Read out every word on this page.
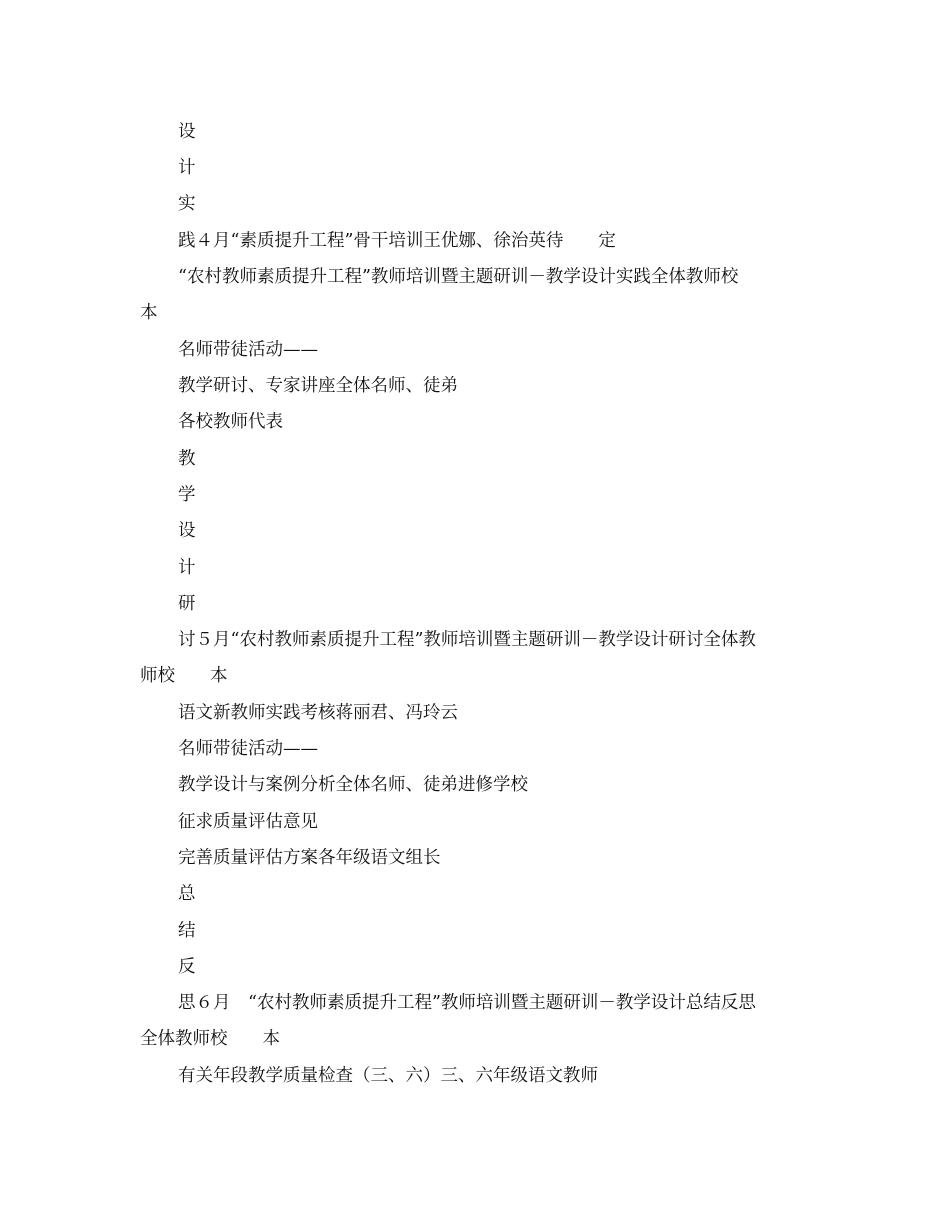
设

计

实

践４月“素质提升工程”骨干培训王优娜、徐治英待　　定

“农村教师素质提升工程”教师培训暨主题研训－教学设计实践全体教师校

本

名师带徒活动——

教学研讨、专家讲座全体名师、徒弟

各校教师代表

教

学

设

计

研

讨５月“农村教师素质提升工程”教师培训暨主题研训－教学设计研讨全体教

师校　　本

语文新教师实践考核蒋丽君、冯玲云

名师带徒活动——

教学设计与案例分析全体名师、徒弟进修学校

征求质量评估意见

完善质量评估方案各年级语文组长

总

结

反

思６月　“农村教师素质提升工程”教师培训暨主题研训－教学设计总结反思

全体教师校　　本

有关年段教学质量检查（三、六）三、六年级语文教师
